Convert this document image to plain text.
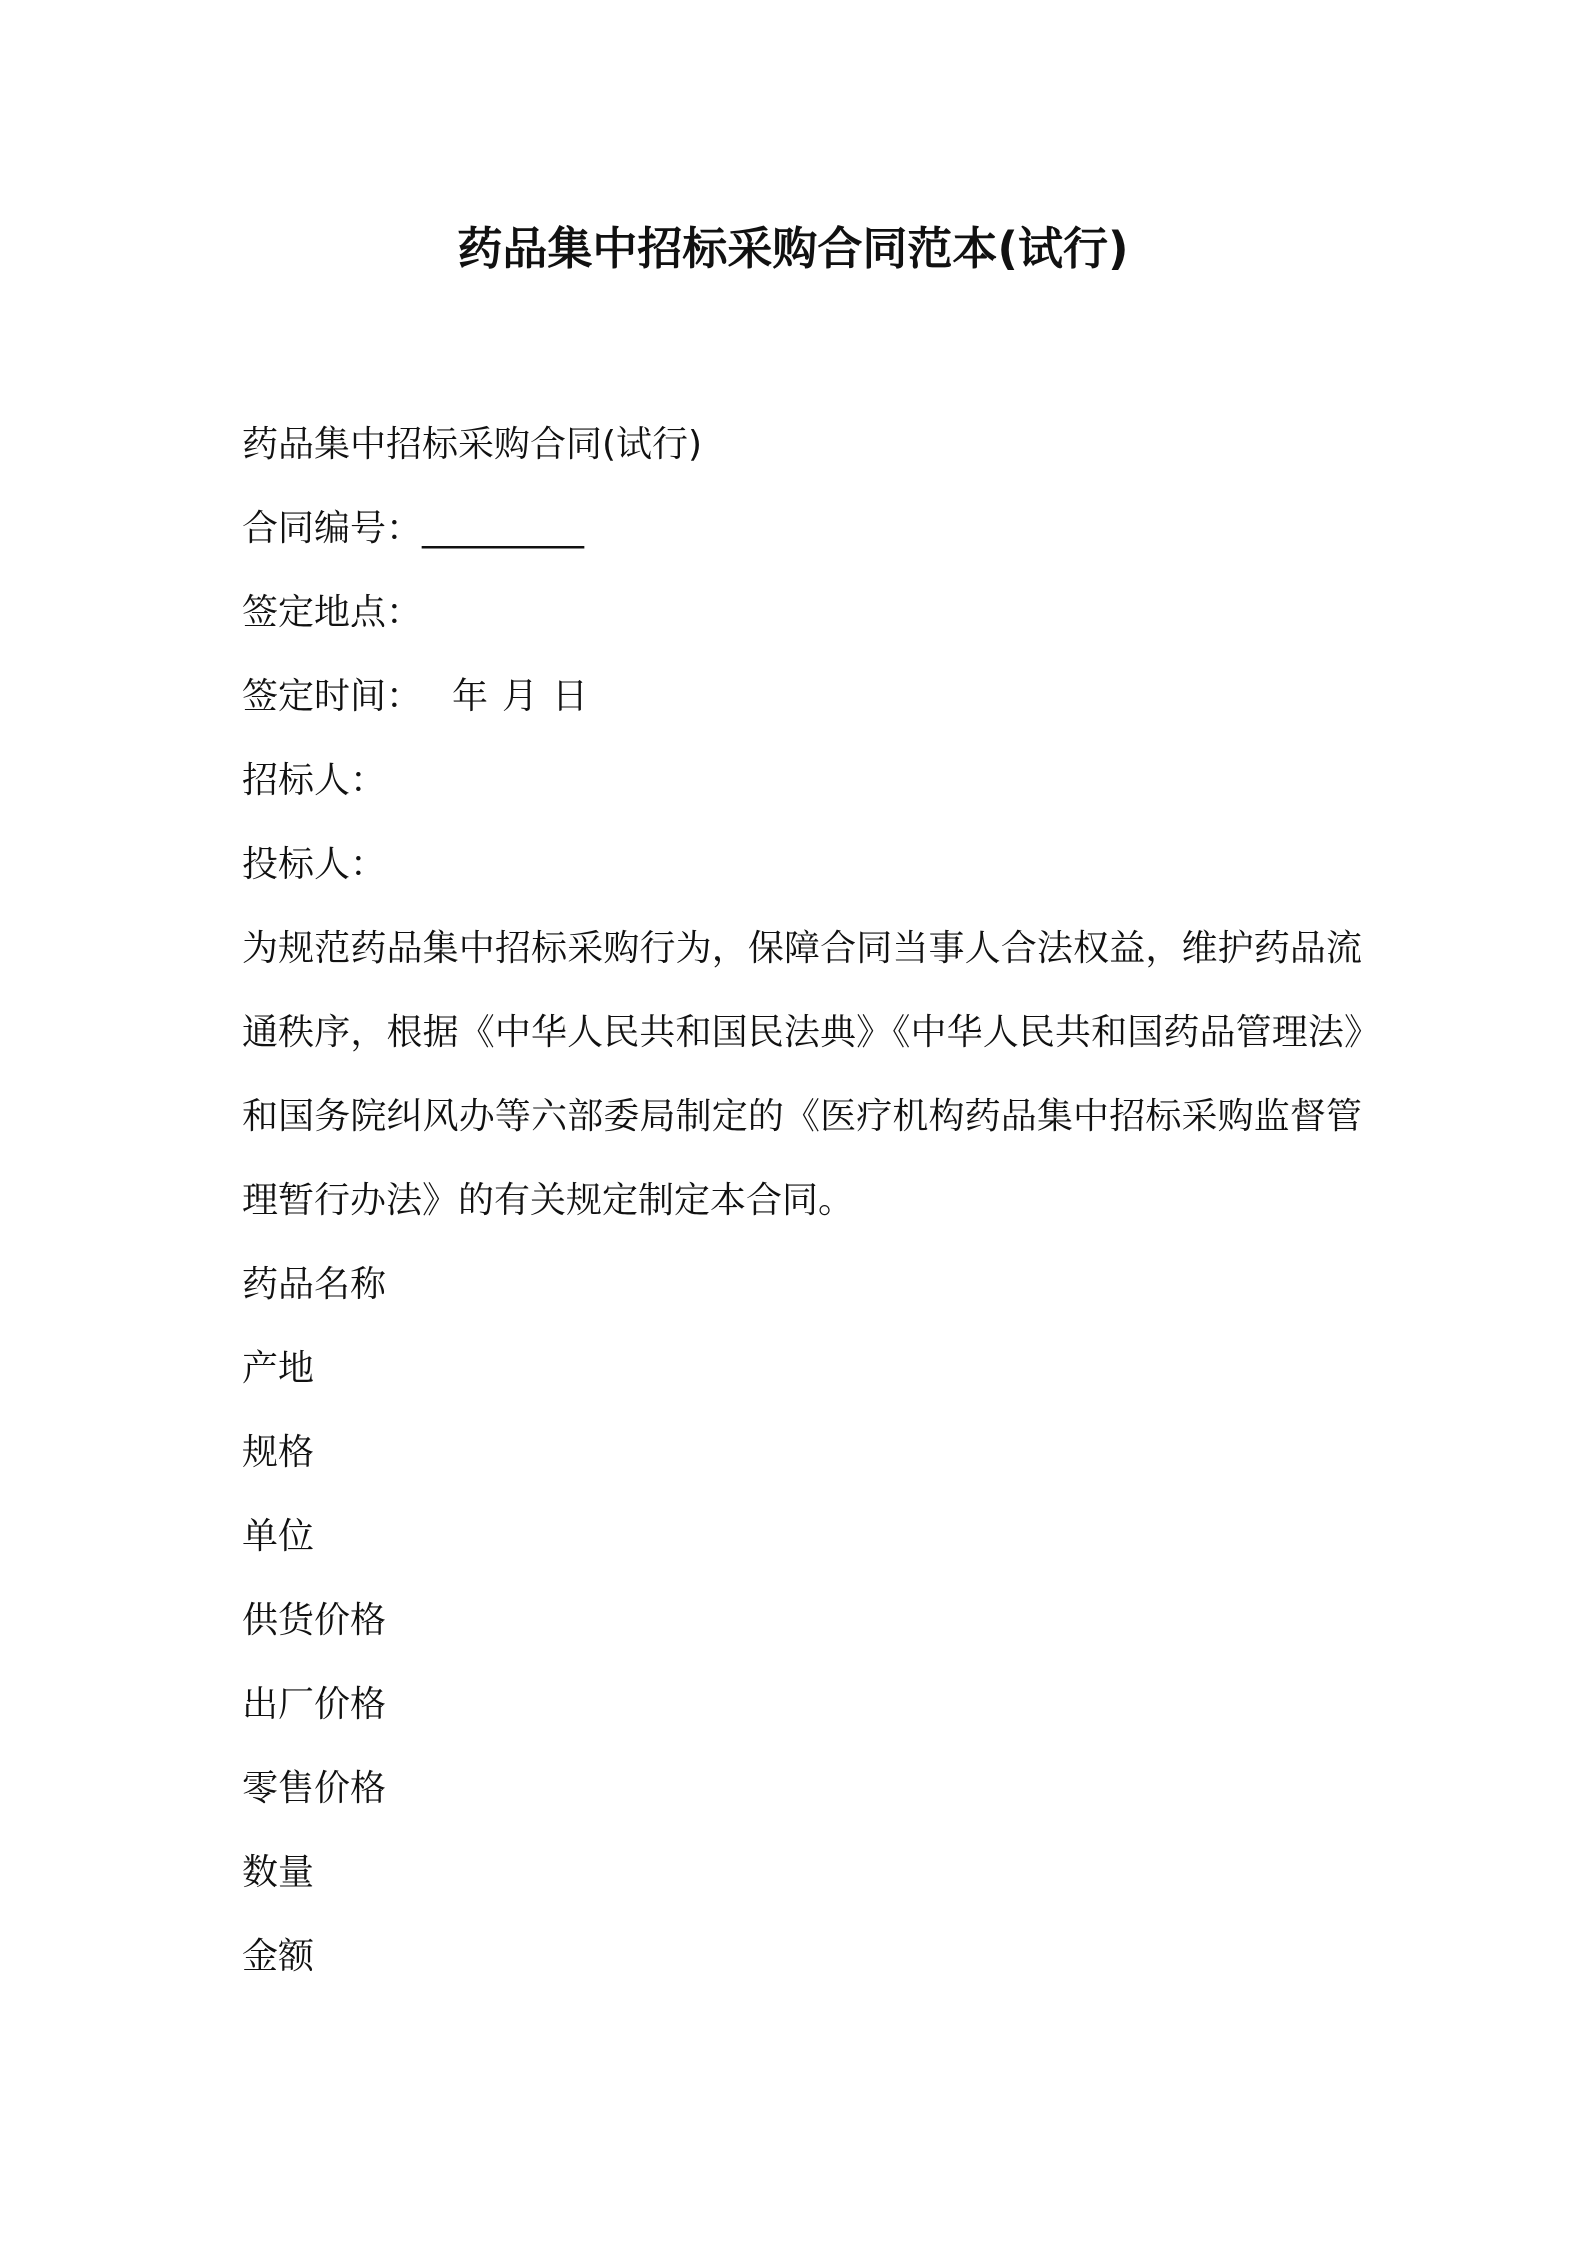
药品集中招标采购合同范本(试行)
药品集中招标采购合同(试行)
合同编号：_________
签定地点：
签定时间： 年 月 日
招标人：
投标人：
为规范药品集中招标采购行为，保障合同当事人合法权益，维护药品流通秩序，根据《中华人民共和国民法典》《中华人民共和国药品管理法》和国务院纠风办等六部委局制定的《医疗机构药品集中招标采购监督管理暂行办法》的有关规定制定本合同。
药品名称
产地
规格
单位
供货价格
出厂价格
零售价格
数量
金额
